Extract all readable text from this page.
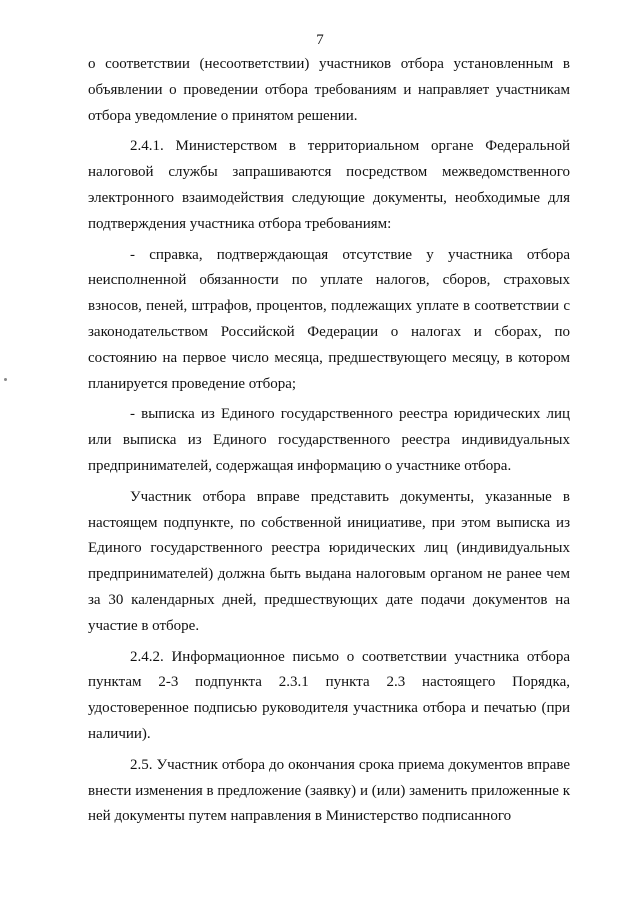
7

о соответствии (несоответствии) участников отбора установленным в объявлении о проведении отбора требованиям и направляет участникам отбора уведомление о принятом решении.

2.4.1. Министерством в территориальном органе Федеральной налоговой службы запрашиваются посредством межведомственного электронного взаимодействия следующие документы, необходимые для подтверждения участника отбора требованиям:

- справка, подтверждающая отсутствие у участника отбора неисполненной обязанности по уплате налогов, сборов, страховых взносов, пеней, штрафов, процентов, подлежащих уплате в соответствии с законодательством Российской Федерации о налогах и сборах, по состоянию на первое число месяца, предшествующего месяцу, в котором планируется проведение отбора;

- выписка из Единого государственного реестра юридических лиц или выписка из Единого государственного реестра индивидуальных предпринимателей, содержащая информацию о участнике отбора.

Участник отбора вправе представить документы, указанные в настоящем подпункте, по собственной инициативе, при этом выписка из Единого государственного реестра юридических лиц (индивидуальных предпринимателей) должна быть выдана налоговым органом не ранее чем за 30 календарных дней, предшествующих дате подачи документов на участие в отборе.

2.4.2. Информационное письмо о соответствии участника отбора пунктам 2-3 подпункта 2.3.1 пункта 2.3 настоящего Порядка, удостоверенное подписью руководителя участника отбора и печатью (при наличии).

2.5. Участник отбора до окончания срока приема документов вправе внести изменения в предложение (заявку) и (или) заменить приложенные к ней документы путем направления в Министерство подписанного
